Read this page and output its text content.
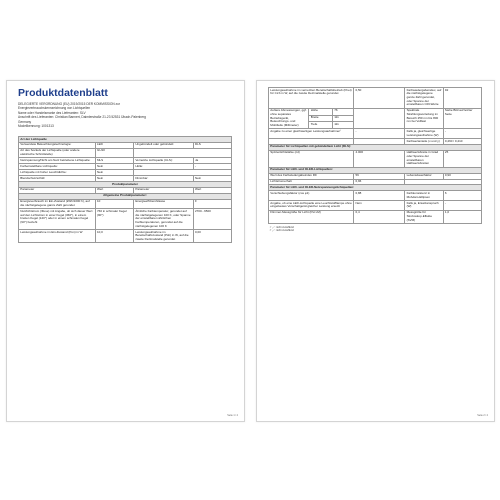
Produktdatenblatt
DELEGIERTE VERORDNUNG (EU) 2019/2015 DER KOMMISSION zur
Energieverbrauchskennzeichnung von Lichtquellen
Name oder Handelsmarke des Lieferanten: SLV
Anschrift des Lieferanten: Christian Bannert, Daimlerstraße 21-23 52531 Übach-Palenberg
Germany
Modellkennung: 1001313
Art der Lichtquelle			
Verwendete Beleuchtungstechnologie:	LED	Ungebündelt oder gebündelt:	DLS
Art des Sockels der Lichtquelle (oder andere elektrische Schnittstelle)	GU10		
Netzspannung/Nicht am Netz betriebene Lichtquelle:	MLS	Vernetzte Lichtquelle (CLS):	Ja
Farbeinstellbare Lichtquelle:	Nein	Hülle:	-
Lichtquelle mit hoher Leuchtdichte:	Nein		
Blendschutzschild:	Nein	Dimmbar:	Nein
Produktparameter			
Parameter	Wert	Parameter	Wert
Allgemeine Produktparameter:			
Energieverbrauch im Ein-Zustand (kWh/1000 h), auf die nächstgelegene ganze Zahl gerundet	10	Energieeffizienzklasse	F
Nutzlichtstrom (Φuse) mit Angabe, ob sich dieser Wert auf den Lichtstrom in einer Kugel (360°), in einem breiten Kegel (120°) oder in einem schmalen Kegel (90°) bezieht	760 in schmaler Kegel (90°)	Ähnliche Farbtemperatur, gerundet auf die nächstgelegenen 100 K, oder Spanne der einstellbaren ähnlichen Farbtemperaturen, gerundet auf die nächstgelegenen 100 K	2700...6500
Leistungsaufnahme im Ein-Zustand (Pon) in W	10,0	Leistungsaufnahme im Bereitschaftszustand (Psb) in W, auf die zweite Dezimalstelle gerundet	0,00
Seite 1 / 2
Leistungsaufnahme im vernetzten Bereitschaftsbetrieb (Pnet) für CLS in W, auf die zweite Dezimalstelle gerundet			0,50	Farbwiedergabeindex, auf die nächstgelegene ganze Zahl gerundet, oder Spanne der einstellbaren CRI-Werte	92
Äußere Abmessungen, ggf. ohne separates Betriebsgerät, Beleuchtungs- und Mobilteile (Millimeter)	Höhe	76		Spektrale Strahlungsverteilung im Bereich 250 nm bis 800 nm bei Volllast	Siehe Bild auf letzter Seite
	Breite	111			
	Tiefe	111			
Angabe zu einer gleichwertigen Leistungsaufnahme¹⁾			-	Falls ja, gleichwertige Leistungsaufnahme (W)	-
				Farbwertanteile (x und y)	0,460 / 0,410
Parameter für Lichtquellen mit gebündeltem Licht (DLS):					
Spitzenlichtstärke (cd)			4.000	Halbwertsbreite in Grad oder Spanne der einstellbaren Halbwertsbreiten	25
Parameter für LED- und OLED-Lichtquellen:					
Wert des Farbwiedergabeindex R9			59	Lebensdauerfaktor	0,90
Lichtstromerhalt			0,96		
Parameter für LED- und OLED-Netzspannungslichtquellen:					
Verschiebungsfaktor (cos φ1)			0,88	Farbkonsistenz in McAdam-Ellipsen	6
Angabe, ob eine LED-Lichtquelle eine Leuchtstofflampe ohne eingebautes Vorschaltgerät gleicher Leistung ersetzt			Nein	Falls ja, Ersatzanspruch (W)	-
Flimmer-Messgröße für Licht (Pst LM)			0,4	Messgröße für Stroboskop-Effekte (SVM)	1,0

¹⁾ „-“: nicht zutreffend
²⁾ „-“: nicht zutreffend					
Seite 2 / 2
